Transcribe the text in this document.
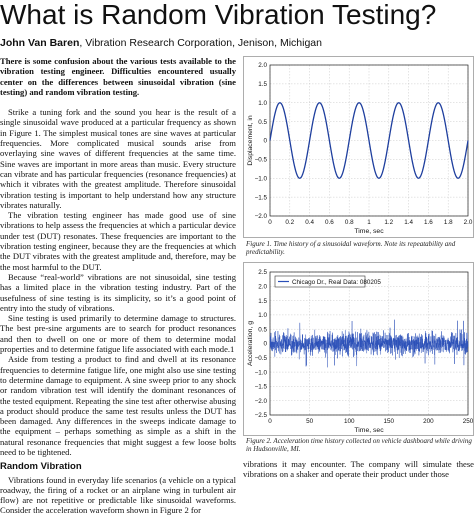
What is Random Vibration Testing?
John Van Baren, Vibration Research Corporation, Jenison, Michigan

There is some confusion about the various tests available to the vibration testing engineer. Difficulties encountered usually center on the differences between sinusoidal vibration (sine testing) and random vibration testing.

Strike a tuning fork and the sound you hear is the result of a single sinusoidal wave produced at a particular frequency as shown in Figure 1. The simplest musical tones are sine waves at particular frequencies. More complicated musical sounds arise from overlaying sine waves of different frequencies at the same time. Sine waves are important in more areas than music. Every structure can vibrate and has particular frequencies (resonance frequencies) at which it vibrates with the greatest amplitude. Therefore sinusoidal vibration testing is important to help understand how any structure vibrates naturally.

The vibration testing engineer has made good use of sine vibrations to help assess the frequencies at which a particular device under test (DUT) resonates. These frequencies are important to the vibration testing engineer, because they are the frequencies at which the DUT vibrates with the greatest amplitude and, therefore, may be the most harmful to the DUT.

Because “real-world” vibrations are not sinusoidal, sine testing has a limited place in the vibration testing industry. Part of the usefulness of sine testing is its simplicity, so it’s a good point of entry into the study of vibrations.

Sine testing is used primarily to determine damage to structures. The best pre-sine arguments are to search for product resonances and then to dwell on one or more of them to determine modal properties and to determine fatigue life associated with each mode.1

Aside from testing a product to find and dwell at its resonance frequencies to determine fatigue life, one might also use sine testing to determine damage to equipment. A sine sweep prior to any shock or random vibration test will identify the dominant resonances of the tested equipment. Repeating the sine test after otherwise abusing a product should produce the same test results unless the DUT has been damaged. Any differences in the sweeps indicate damage to the equipment – perhaps something as simple as a shift in the natural resonance frequencies that might suggest a few loose bolts need to be tightened.

Random Vibration

Vibrations found in everyday life scenarios (a vehicle on a typical roadway, the firing of a rocket or an airplane wing in turbulent air flow) are not repetitive or predictable like sinusoidal waveforms. Consider the acceleration waveform shown in Figure 2 for

0 0.2 0.4 0.6 0.8 1 1.2 1.4 1.6 1.8 2.0
2.0
1.5
1.0
0.5
0
−0.5
−1.0
−1.5
−2.0
Time, sec
Displacement, in
Figure 1. Time history of a sinusoidal waveform. Note its repeatability and predictability.
0	50	100	150	200	250
2.5
2.0
1.5
1.0
0.5
0
−0.5
−1.0
−1.5
−2.0
−2.5
Chicago Dr., Real Data: 080205
Time, sec
Acceleration, g
Figure 2. Acceleration time history collected on vehicle dashboard while driving in Hudsonville, MI.
vibrations it may encounter. The company will simulate these vibrations on a shaker and operate their product under those
